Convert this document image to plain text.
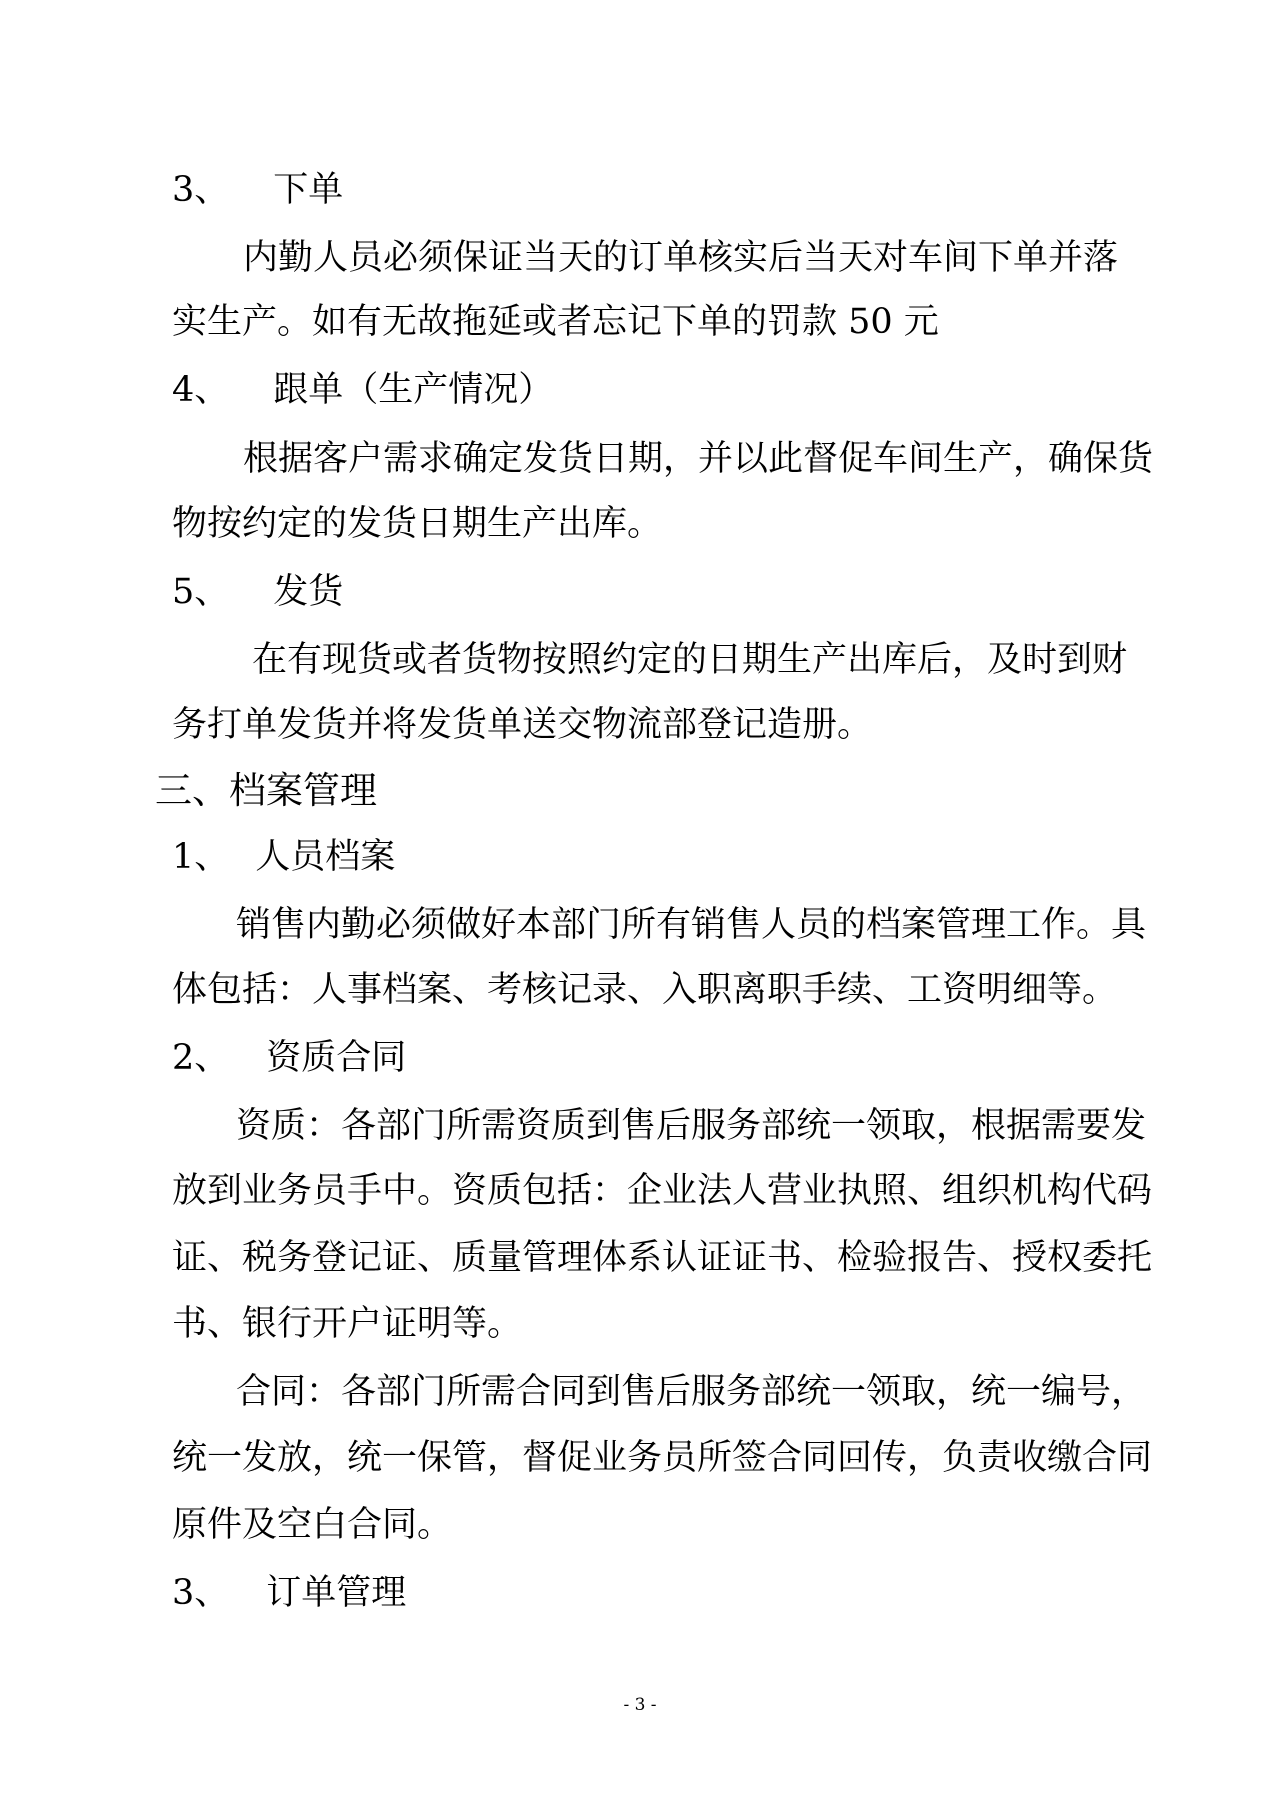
3、 下单
内勤人员必须保证当天的订单核实后当天对车间下单并落
实生产。如有无故拖延或者忘记下单的罚款 50 元
4、 跟单（生产情况）
根据客户需求确定发货日期，并以此督促车间生产，确保货
物按约定的发货日期生产出库。
5、 发货
在有现货或者货物按照约定的日期生产出库后，及时到财
务打单发货并将发货单送交物流部登记造册。
三、档案管理
1、 人员档案
销售内勤必须做好本部门所有销售人员的档案管理工作。具
体包括：人事档案、考核记录、入职离职手续、工资明细等。
2、 资质合同
资质：各部门所需资质到售后服务部统一领取，根据需要发
放到业务员手中。资质包括：企业法人营业执照、组织机构代码
证、税务登记证、质量管理体系认证证书、检验报告、授权委托
书、银行开户证明等。
合同：各部门所需合同到售后服务部统一领取，统一编号，
统一发放，统一保管，督促业务员所签合同回传，负责收缴合同
原件及空白合同。
3、 订单管理
- 3 -
